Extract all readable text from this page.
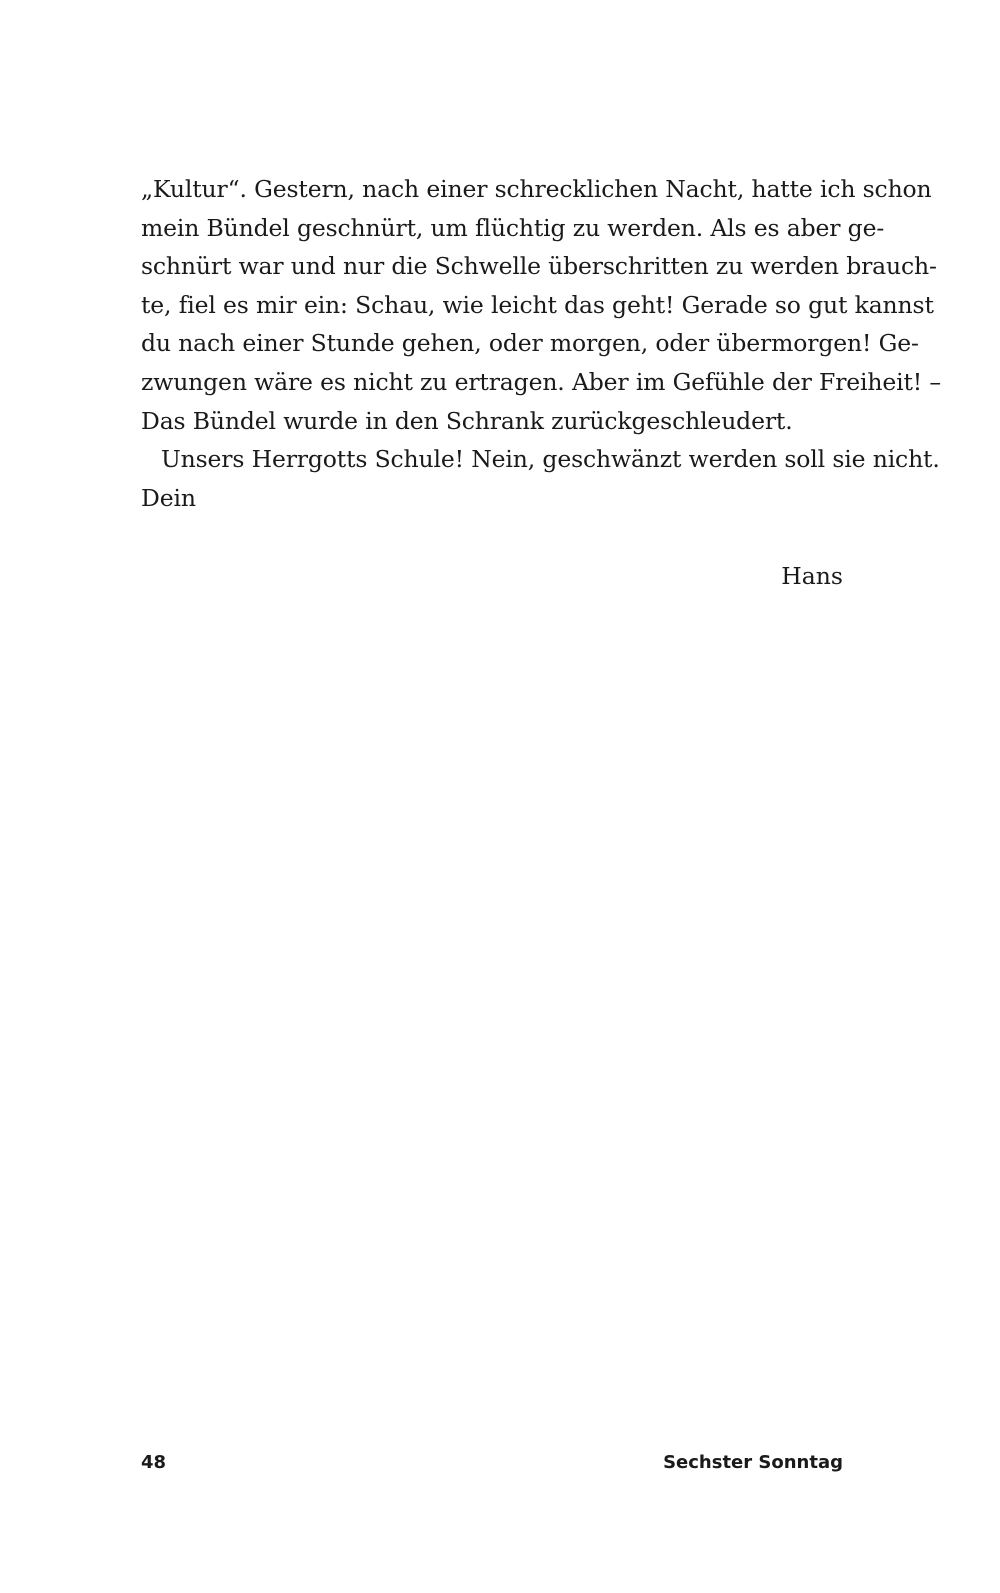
„Kultur“. Gestern, nach einer schrecklichen Nacht, hatte ich schon
mein Bündel geschnürt, um flüchtig zu werden. Als es aber ge-
schnürt war und nur die Schwelle überschritten zu werden brauch-
te, fiel es mir ein: Schau, wie leicht das geht! Gerade so gut kannst
du nach einer Stunde gehen, oder morgen, oder übermorgen! Ge-
zwungen wäre es nicht zu ertragen. Aber im Gefühle der Freiheit! –
Das Bündel wurde in den Schrank zurückgeschleudert.
Unsers Herrgotts Schule! Nein, geschwänzt werden soll sie nicht.
Dein
Hans
48	Sechster Sonntag
